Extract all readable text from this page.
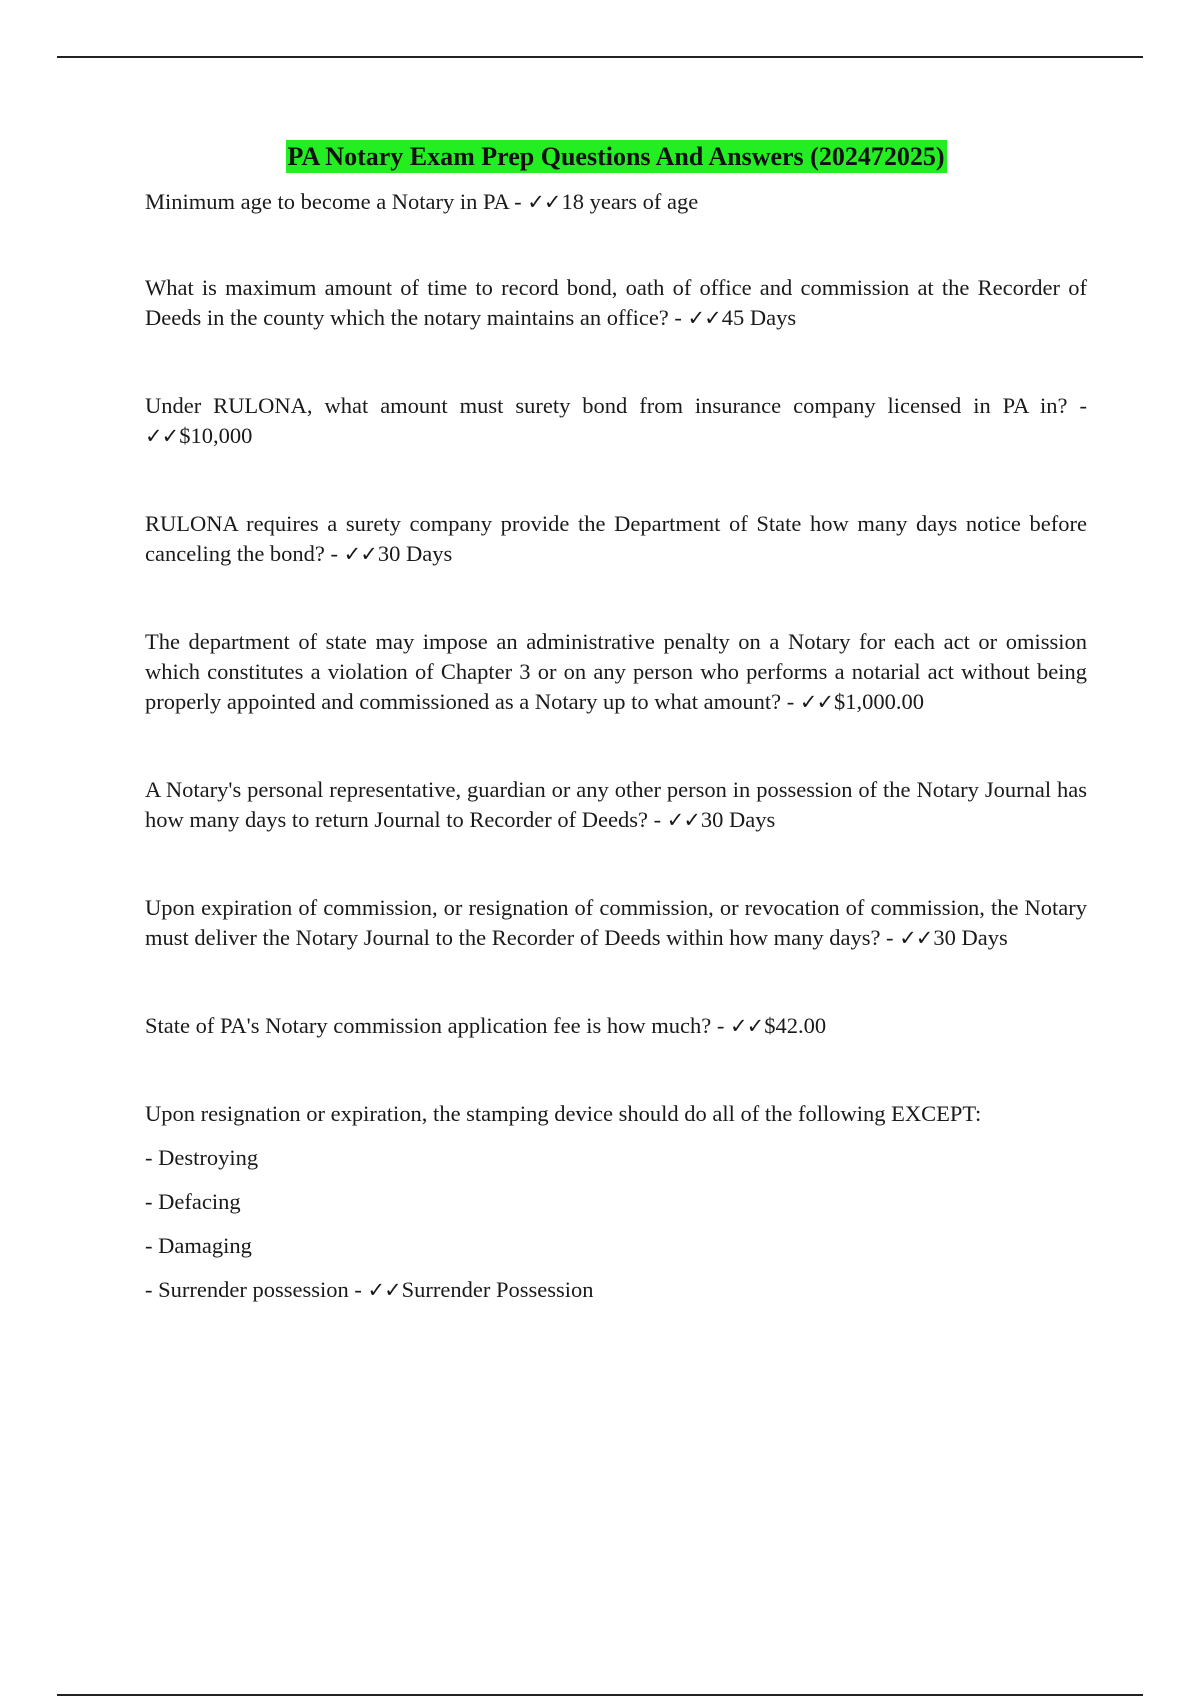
PA Notary Exam Prep Questions And Answers (202472025)

Minimum age to become a Notary in PA - ✓✓18 years of age

What is maximum amount of time to record bond, oath of office and commission at the Recorder of Deeds in the county which the notary maintains an office? - ✓✓45 Days

Under RULONA, what amount must surety bond from insurance company licensed in PA in? - ✓✓$10,000

RULONA requires a surety company provide the Department of State how many days notice before canceling the bond? - ✓✓30 Days

The department of state may impose an administrative penalty on a Notary for each act or omission which constitutes a violation of Chapter 3 or on any person who performs a notarial act without being properly appointed and commissioned as a Notary up to what amount? - ✓✓$1,000.00

A Notary's personal representative, guardian or any other person in possession of the Notary Journal has how many days to return Journal to Recorder of Deeds? - ✓✓30 Days

Upon expiration of commission, or resignation of commission, or revocation of commission, the Notary must deliver the Notary Journal to the Recorder of Deeds within how many days? - ✓✓30 Days

State of PA's Notary commission application fee is how much? - ✓✓$42.00

Upon resignation or expiration, the stamping device should do all of the following EXCEPT:

- Destroying

- Defacing

- Damaging

- Surrender possession - ✓✓Surrender Possession
